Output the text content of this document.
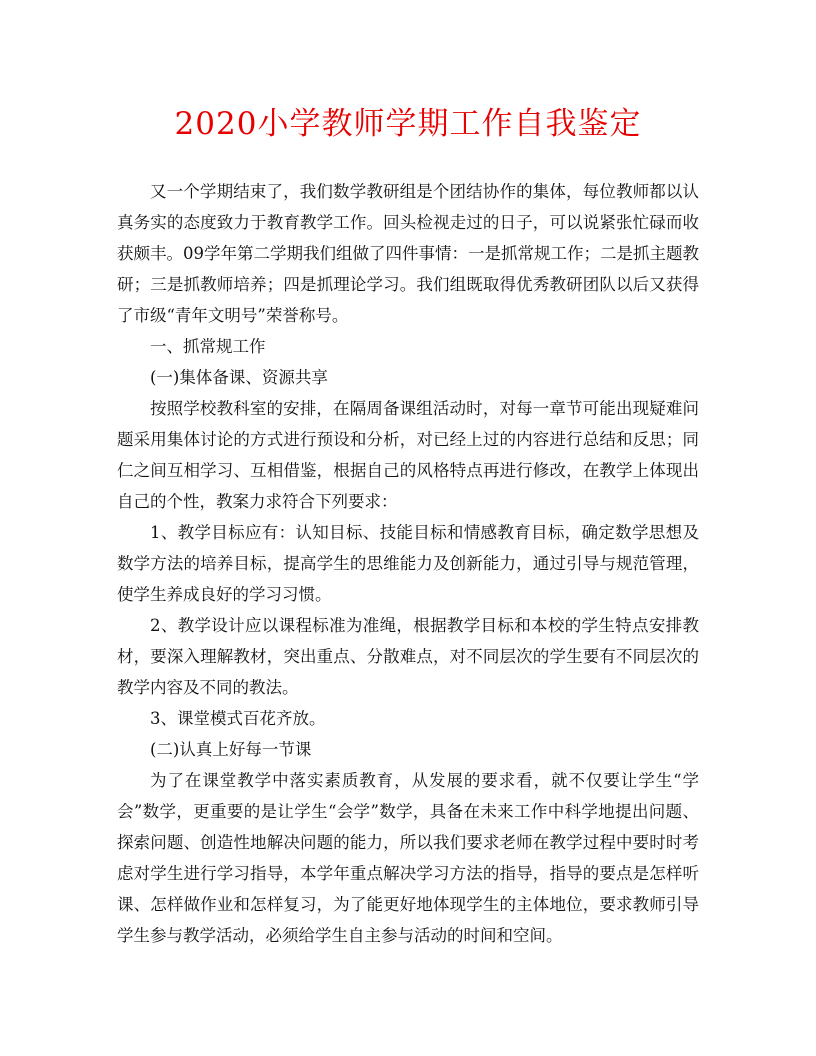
2020小学教师学期工作自我鉴定

又一个学期结束了，我们数学教研组是个团结协作的集体，每位教师都以认真务实的态度致力于教育教学工作。回头检视走过的日子，可以说紧张忙碌而收获颇丰。09学年第二学期我们组做了四件事情：一是抓常规工作；二是抓主题教研；三是抓教师培养；四是抓理论学习。我们组既取得优秀教研团队以后又获得了市级“青年文明号”荣誉称号。

一、抓常规工作

(一)集体备课、资源共享

按照学校教科室的安排，在隔周备课组活动时，对每一章节可能出现疑难问题采用集体讨论的方式进行预设和分析，对已经上过的内容进行总结和反思；同仁之间互相学习、互相借鉴，根据自己的风格特点再进行修改，在教学上体现出自己的个性，教案力求符合下列要求：

1、教学目标应有：认知目标、技能目标和情感教育目标，确定数学思想及数学方法的培养目标，提高学生的思维能力及创新能力，通过引导与规范管理，使学生养成良好的学习习惯。

2、教学设计应以课程标准为准绳，根据教学目标和本校的学生特点安排教材，要深入理解教材，突出重点、分散难点，对不同层次的学生要有不同层次的教学内容及不同的教法。

3、课堂模式百花齐放。

(二)认真上好每一节课

为了在课堂教学中落实素质教育，从发展的要求看，就不仅要让学生“学会”数学，更重要的是让学生“会学”数学，具备在未来工作中科学地提出问题、探索问题、创造性地解决问题的能力，所以我们要求老师在教学过程中要时时考虑对学生进行学习指导，本学年重点解决学习方法的指导，指导的要点是怎样听课、怎样做作业和怎样复习，为了能更好地体现学生的主体地位，要求教师引导学生参与教学活动，必须给学生自主参与活动的时间和空间。
